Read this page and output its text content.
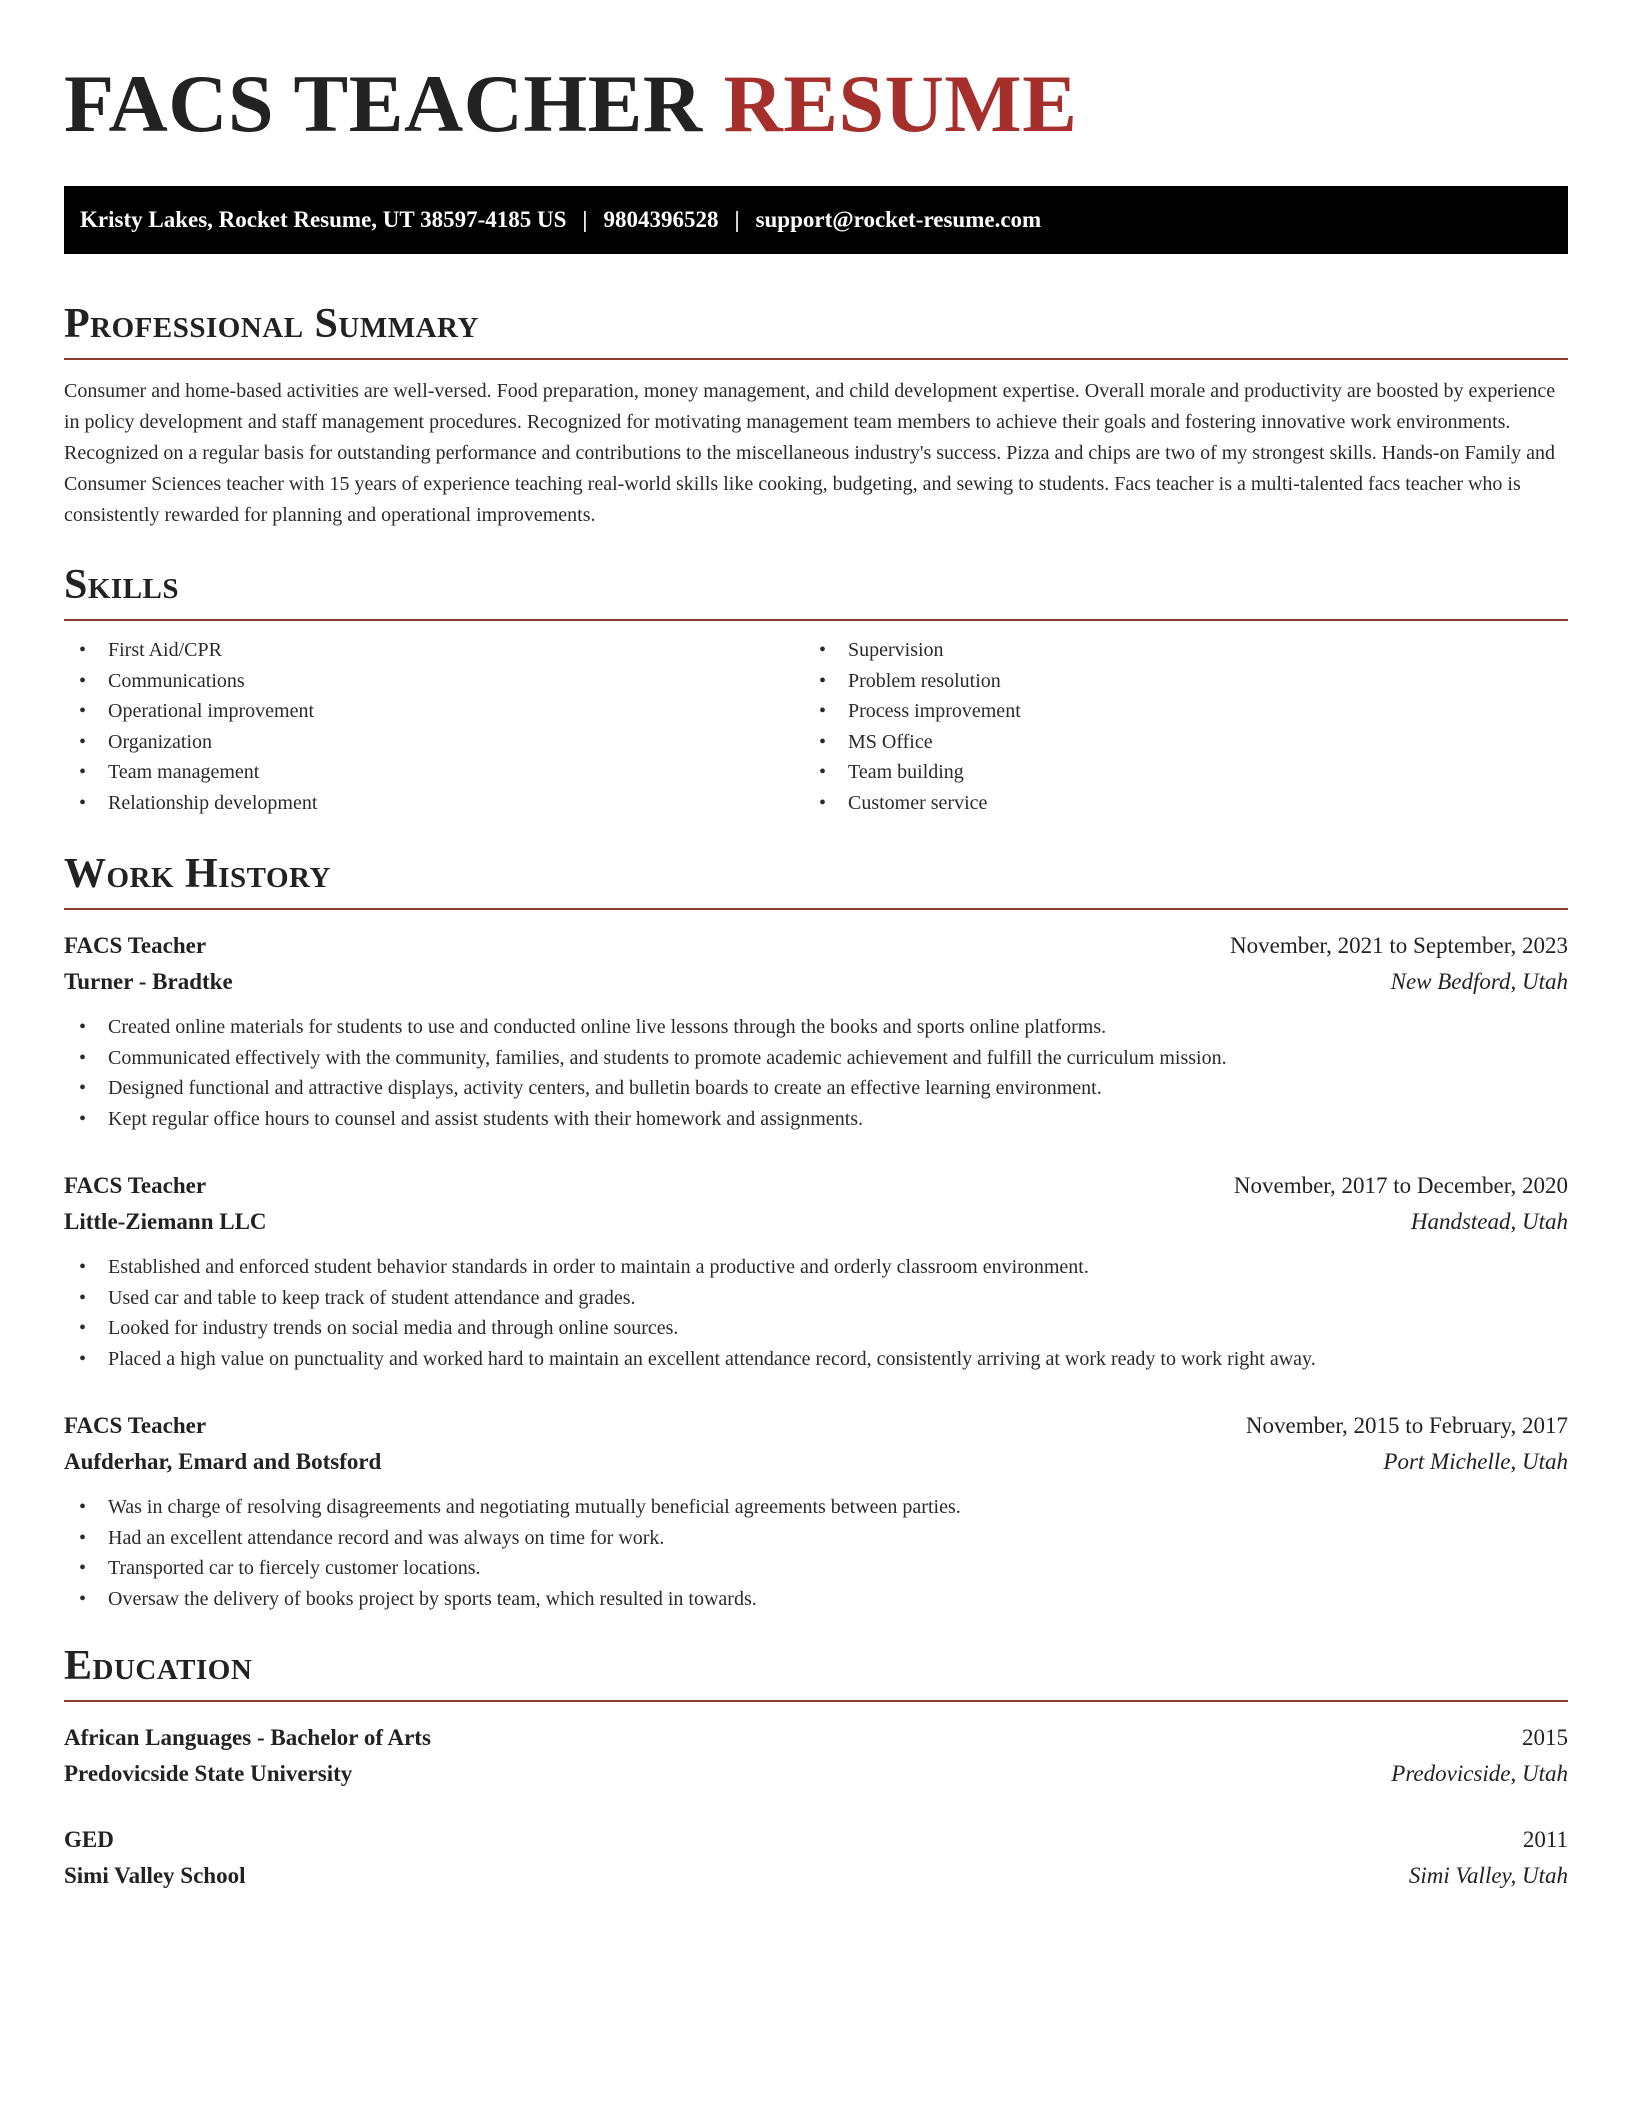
FACS TEACHER RESUME
Kristy Lakes, Rocket Resume, UT 38597-4185 US | 9804396528 | support@rocket-resume.com
Professional Summary

Consumer and home-based activities are well-versed. Food preparation, money management, and child development expertise. Overall morale and productivity are boosted by experience in policy development and staff management procedures. Recognized for motivating management team members to achieve their goals and fostering innovative work environments. Recognized on a regular basis for outstanding performance and contributions to the miscellaneous industry's success. Pizza and chips are two of my strongest skills. Hands-on Family and Consumer Sciences teacher with 15 years of experience teaching real-world skills like cooking, budgeting, and sewing to students. Facs teacher is a multi-talented facs teacher who is consistently rewarded for planning and operational improvements.

Skills
• First Aid/CPR
• Communications
• Operational improvement
• Organization
• Team management
• Relationship development
• Supervision
• Problem resolution
• Process improvement
• MS Office
• Team building
• Customer service
Work History
FACS Teacher	November, 2021 to September, 2023
Turner - Bradtke	New Bedford, Utah
• Created online materials for students to use and conducted online live lessons through the books and sports online platforms.
• Communicated effectively with the community, families, and students to promote academic achievement and fulfill the curriculum mission.
• Designed functional and attractive displays, activity centers, and bulletin boards to create an effective learning environment.
• Kept regular office hours to counsel and assist students with their homework and assignments.
FACS Teacher	November, 2017 to December, 2020
Little-Ziemann LLC	Handstead, Utah
• Established and enforced student behavior standards in order to maintain a productive and orderly classroom environment.
• Used car and table to keep track of student attendance and grades.
• Looked for industry trends on social media and through online sources.
• Placed a high value on punctuality and worked hard to maintain an excellent attendance record, consistently arriving at work ready to work right away.
FACS Teacher	November, 2015 to February, 2017
Aufderhar, Emard and Botsford	Port Michelle, Utah
• Was in charge of resolving disagreements and negotiating mutually beneficial agreements between parties.
• Had an excellent attendance record and was always on time for work.
• Transported car to fiercely customer locations.
• Oversaw the delivery of books project by sports team, which resulted in towards.
Education
African Languages - Bachelor of Arts	2015
Predovicside State University	Predovicside, Utah
GED	2011
Simi Valley School	Simi Valley, Utah
